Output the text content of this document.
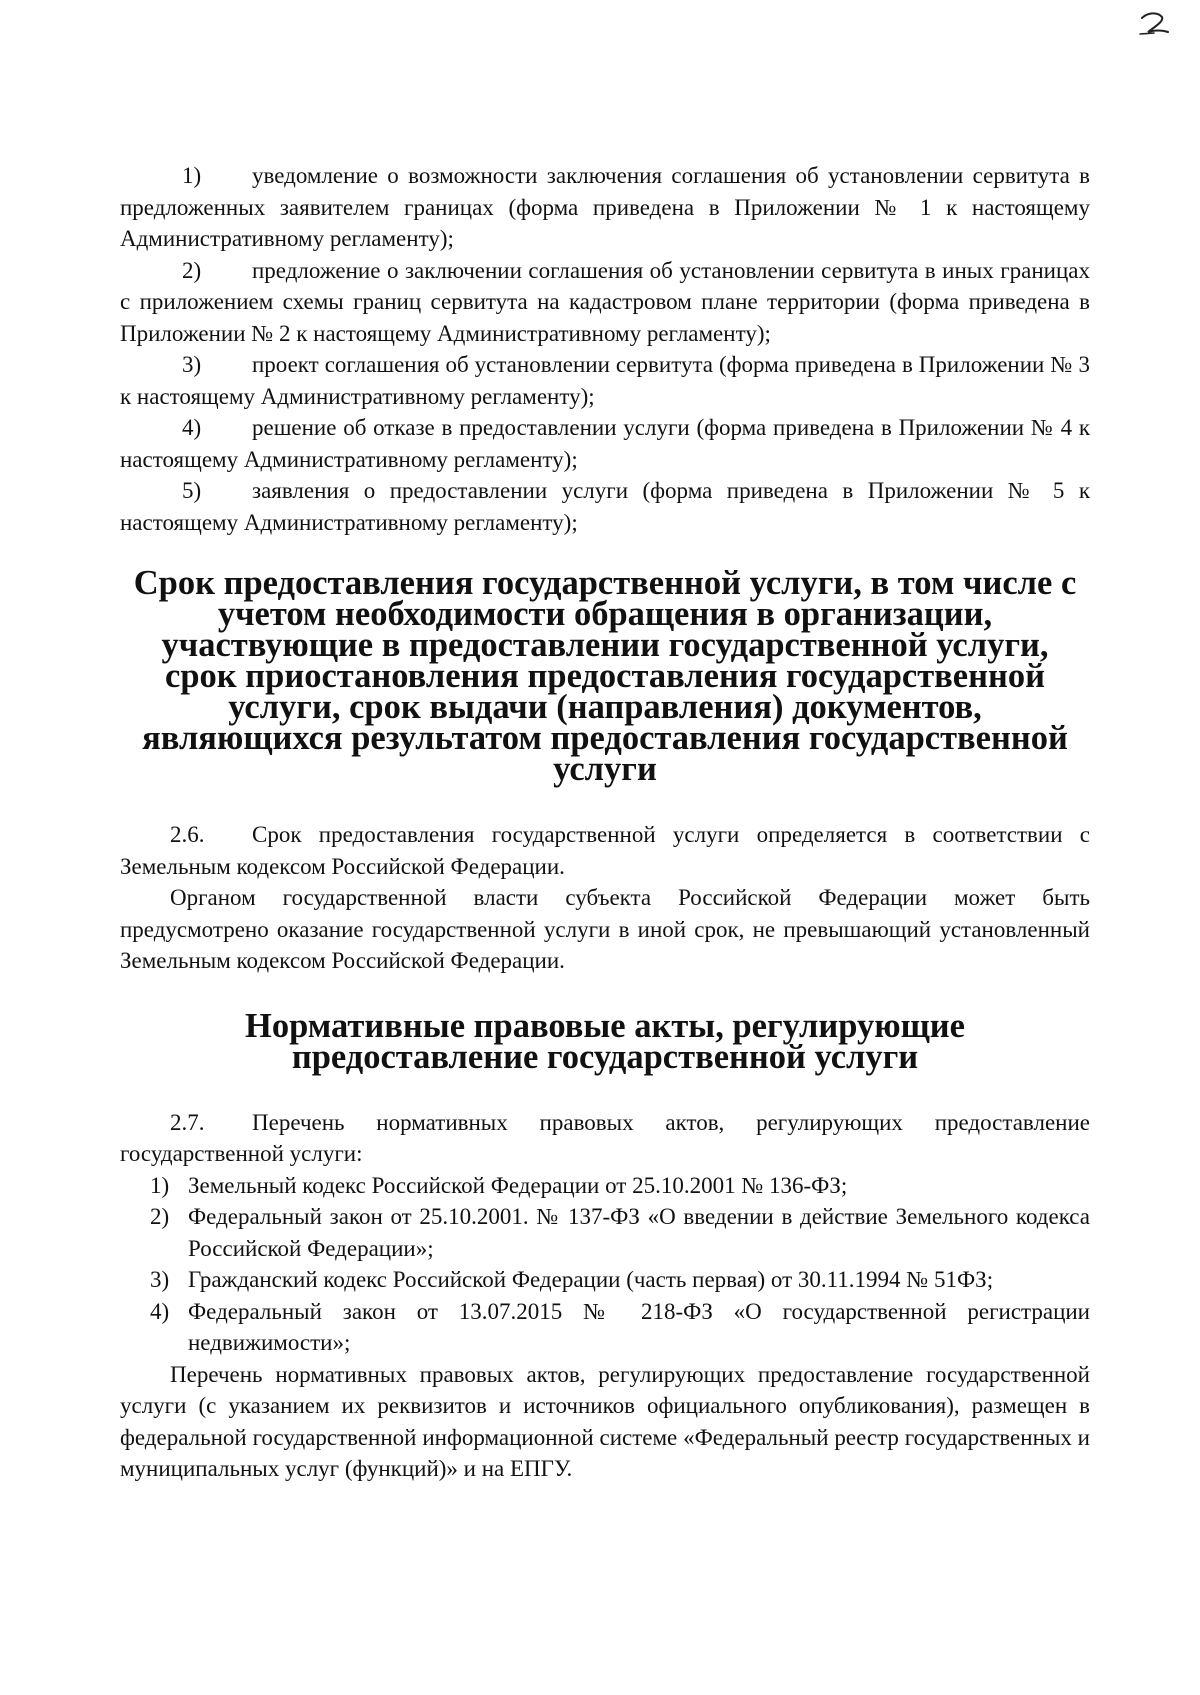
1) уведомление о возможности заключения соглашения об установлении сервитута в предложенных заявителем границах (форма приведена в Приложении № 1 к настоящему Административному регламенту);

2) предложение о заключении соглашения об установлении сервитута в иных границах с приложением схемы границ сервитута на кадастровом плане территории (форма приведена в Приложении № 2 к настоящему Административному регламенту);

3) проект соглашения об установлении сервитута (форма приведена в Приложении № 3 к настоящему Административному регламенту);

4) решение об отказе в предоставлении услуги (форма приведена в Приложении № 4 к настоящему Административному регламенту);

5) заявления о предоставлении услуги (форма приведена в Приложении № 5 к настоящему Административному регламенту);

Срок предоставления государственной услуги, в том числе с учетом необходимости обращения в организации, участвующие в предоставлении государственной услуги, срок приостановления предоставления государственной услуги, срок выдачи (направления) документов, являющихся результатом предоставления государственной услуги

2.6. Срок предоставления государственной услуги определяется в соответствии с Земельным кодексом Российской Федерации.

Органом государственной власти субъекта Российской Федерации может быть предусмотрено оказание государственной услуги в иной срок, не превышающий установленный Земельным кодексом Российской Федерации.

Нормативные правовые акты, регулирующие предоставление государственной услуги

2.7. Перечень нормативных правовых актов, регулирующих предоставление государственной услуги:

1) Земельный кодекс Российской Федерации от 25.10.2001 № 136-ФЗ;
2) Федеральный закон от 25.10.2001. № 137-ФЗ «О введении в действие Земельного кодекса Российской Федерации»;
3) Гражданский кодекс Российской Федерации (часть первая) от 30.11.1994 № 51ФЗ;
4) Федеральный закон от 13.07.2015 № 218-ФЗ «О государственной регистрации недвижимости»;

Перечень нормативных правовых актов, регулирующих предоставление государственной услуги (с указанием их реквизитов и источников официального опубликования), размещен в федеральной государственной информационной системе «Федеральный реестр государственных и муниципальных услуг (функций)» и на ЕПГУ.
